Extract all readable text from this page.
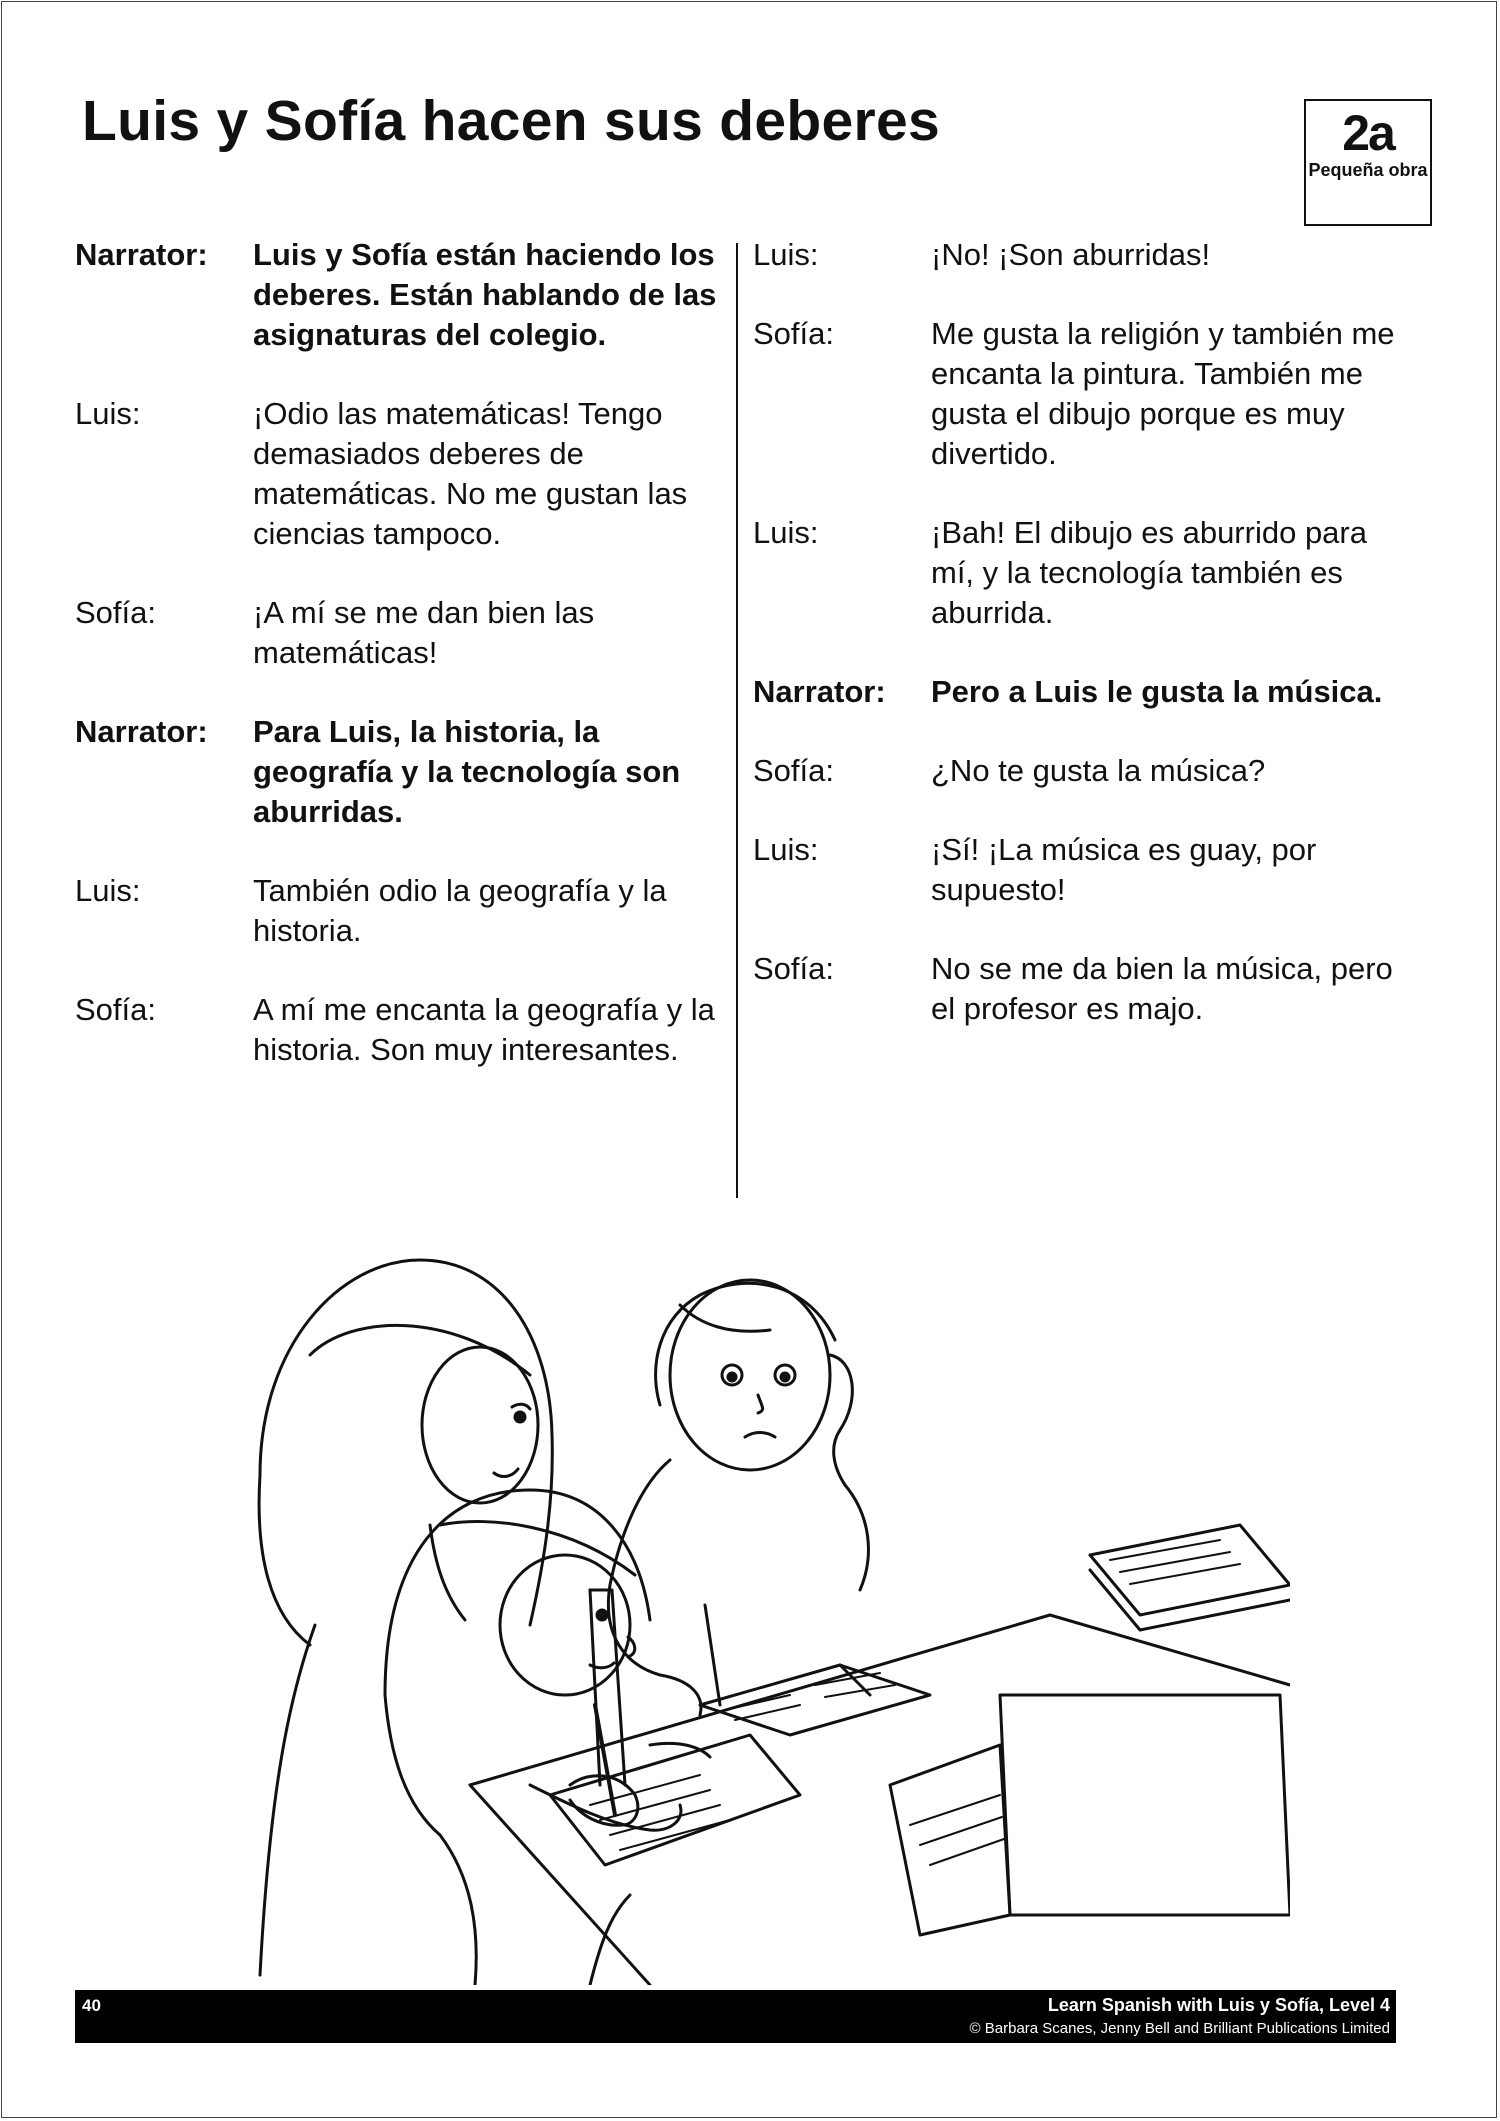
Luis y Sofía hacen sus deberes	2a
Pequeña obra
Narrator:	Luis y Sofía están haciendo los deberes. Están hablando de las asignaturas del colegio.
Luis:	¡Odio las matemáticas! Tengo demasiados deberes de matemáticas. No me gustan las ciencias tampoco.
Sofía:	¡A mí se me dan bien las matemáticas!
Narrator:	Para Luis, la historia, la geografía y la tecnología son aburridas.
Luis:	También odio la geografía y la historia.
Sofía:	A mí me encanta la geografía y la historia. Son muy interesantes.
Luis:	¡No! ¡Son aburridas!
Sofía:	Me gusta la religión y también me encanta la pintura. También me gusta el dibujo porque es muy divertido.
Luis:	¡Bah! El dibujo es aburrido para mí, y la tecnología también es aburrida.
Narrator:	Pero a Luis le gusta la música.
Sofía:	¿No te gusta la música?
Luis:	¡Sí! ¡La música es guay, por supuesto!
Sofía:	No se me da bien la música, pero el profesor es majo.
40	Learn Spanish with Luis y Sofía, Level 4
© Barbara Scanes, Jenny Bell and Brilliant Publications Limited
